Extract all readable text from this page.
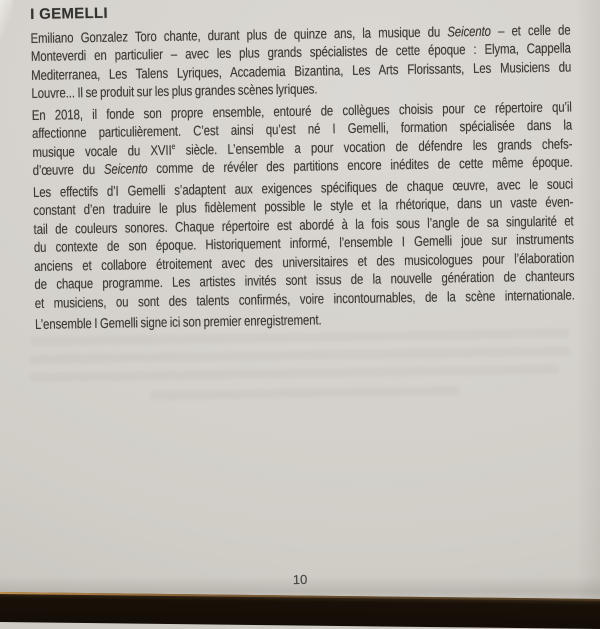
I GEMELLI
Emiliano Gonzalez Toro chante, durant plus de quinze ans, la musique du Seicento – et celle de
Monteverdi en particulier – avec les plus grands spécialistes de cette époque : Elyma, Cappella
Mediterranea, Les Talens Lyriques, Accademia Bizantina, Les Arts Florissants, Les Musiciens du
Louvre... Il se produit sur les plus grandes scènes lyriques.
En 2018, il fonde son propre ensemble, entouré de collègues choisis pour ce répertoire qu’il
affectionne particulièrement. C’est ainsi qu’est né I Gemelli, formation spécialisée dans la
musique vocale du XVIIe siècle. L’ensemble a pour vocation de défendre les grands chefs-
d’œuvre du Seicento comme de révéler des partitions encore inédites de cette même époque.
Les effectifs d’I Gemelli s’adaptent aux exigences spécifiques de chaque œuvre, avec le souci
constant d’en traduire le plus fidèlement possible le style et la rhétorique, dans un vaste éven-
tail de couleurs sonores. Chaque répertoire est abordé à la fois sous l’angle de sa singularité et
du contexte de son époque. Historiquement informé, l’ensemble I Gemelli joue sur instruments
anciens et collabore étroitement avec des universitaires et des musicologues pour l’élaboration
de chaque programme. Les artistes invités sont issus de la nouvelle génération de chanteurs
et musiciens, ou sont des talents confirmés, voire incontournables, de la scène internationale.
L’ensemble I Gemelli signe ici son premier enregistrement.
10
